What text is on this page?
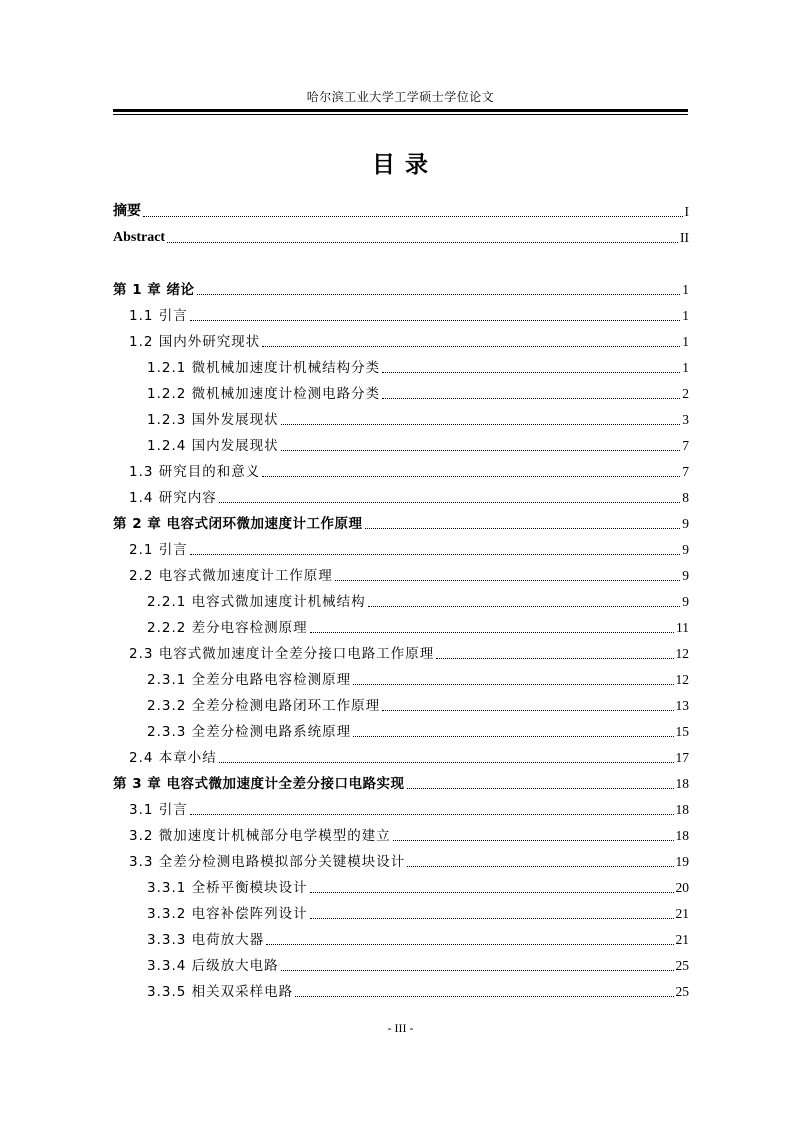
哈尔滨工业大学工学硕士学位论文
目 录
摘要	I
Abstract	II
第 1 章 绪论	1
1.1 引言	1
1.2 国内外研究现状	1
1.2.1 微机械加速度计机械结构分类	1
1.2.2 微机械加速度计检测电路分类	2
1.2.3 国外发展现状	3
1.2.4 国内发展现状	7
1.3 研究目的和意义	7
1.4 研究内容	8
第 2 章 电容式闭环微加速度计工作原理	9
2.1 引言	9
2.2 电容式微加速度计工作原理	9
2.2.1 电容式微加速度计机械结构	9
2.2.2 差分电容检测原理	11
2.3 电容式微加速度计全差分接口电路工作原理	12
2.3.1 全差分电路电容检测原理	12
2.3.2 全差分检测电路闭环工作原理	13
2.3.3 全差分检测电路系统原理	15
2.4 本章小结	17
第 3 章 电容式微加速度计全差分接口电路实现	18
3.1 引言	18
3.2 微加速度计机械部分电学模型的建立	18
3.3 全差分检测电路模拟部分关键模块设计	19
3.3.1 全桥平衡模块设计	20
3.3.2 电容补偿阵列设计	21
3.3.3 电荷放大器	21
3.3.4 后级放大电路	25
3.3.5 相关双采样电路	25
- III -
